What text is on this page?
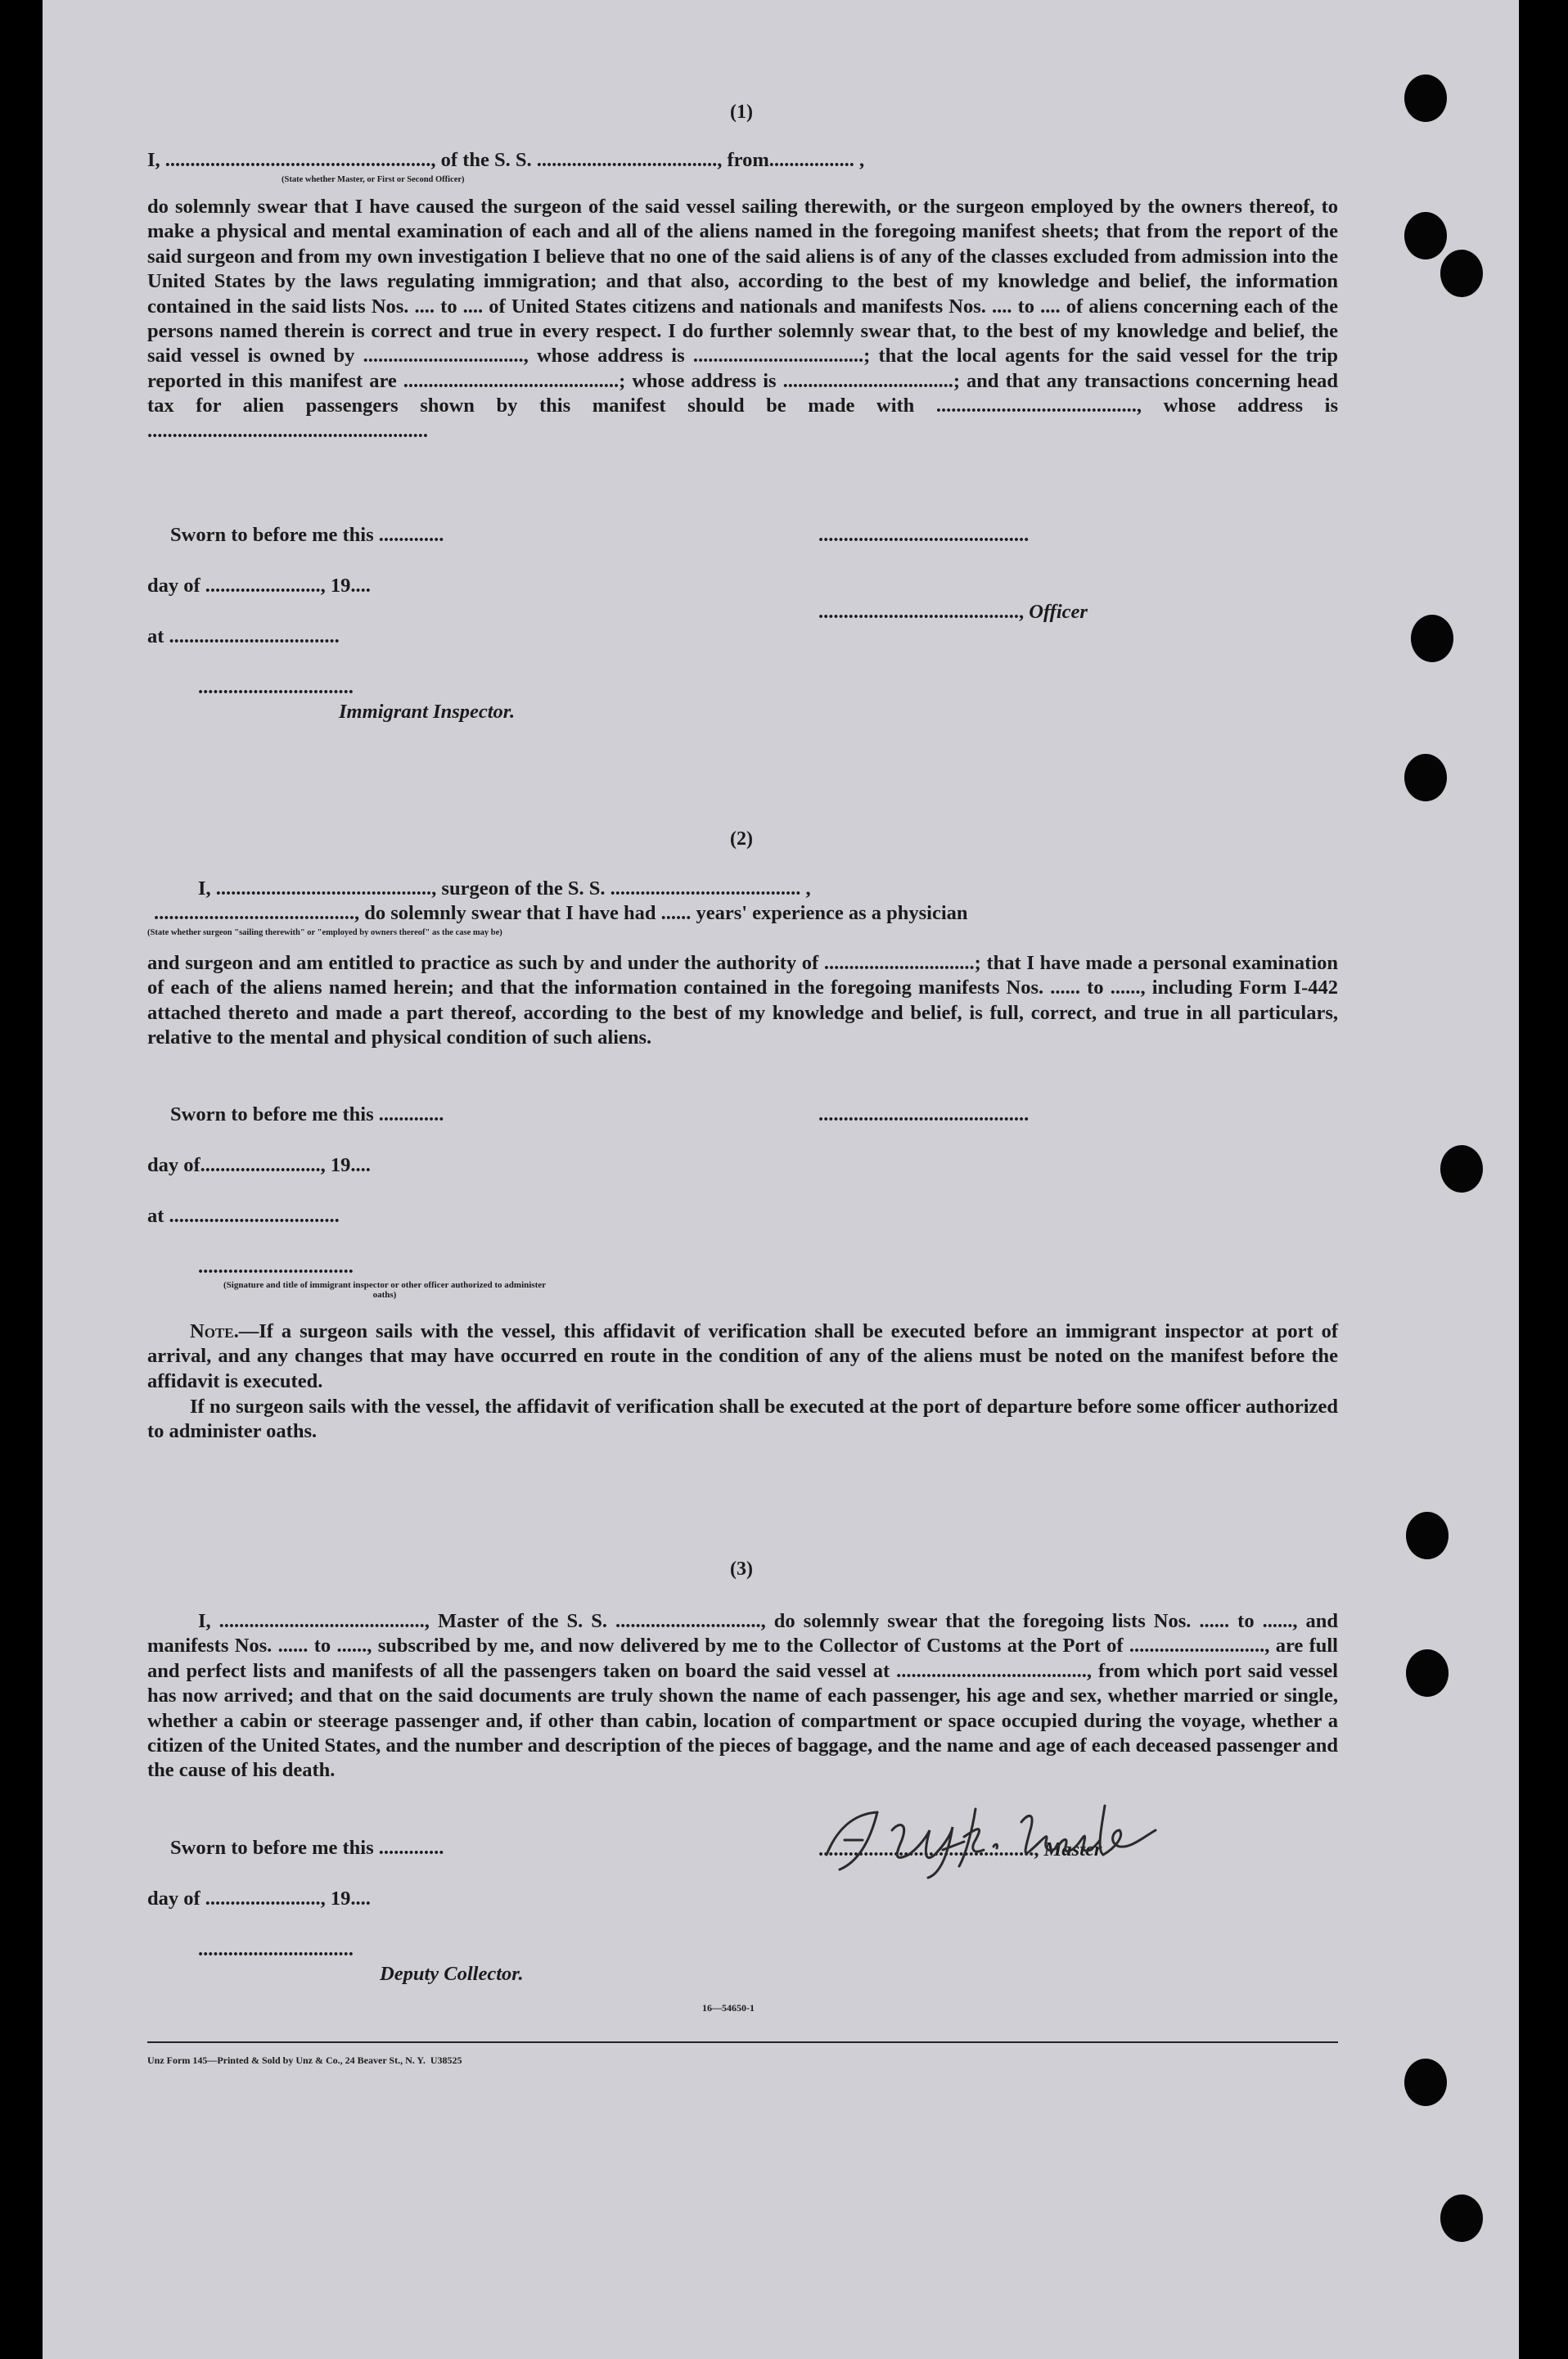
(1)
I, ....................................................., of the S. S. ...................................., from................. ,
(State whether Master, or First or Second Officer)
do solemnly swear that I have caused the surgeon of the said vessel sailing therewith, or the surgeon employed by the owners thereof, to make a physical and mental examination of each and all of the aliens named in the foregoing manifest sheets; that from the report of the said surgeon and from my own investigation I believe that no one of the said aliens is of any of the classes excluded from admission into the United States by the laws regulating immigration; and that also, according to the best of my knowledge and belief, the information contained in the said lists Nos. .... to .... of United States citizens and nationals and manifests Nos. .... to .... of aliens concerning each of the persons named therein is correct and true in every respect. I do further solemnly swear that, to the best of my knowledge and belief, the said vessel is owned by ................................, whose address is ..................................; that the local agents for the said vessel for the trip reported in this manifest are ...........................................; whose address is ..................................; and that any transactions concerning head tax for alien passengers shown by this manifest should be made with ........................................, whose address is ........................................................
Sworn to before me this .............	..........................................
day of ......................., 19....
........................................, Officer
at ..................................
...............................
Immigrant Inspector.
(2)
I, ..........................................., surgeon of the S. S. ...................................... ,
........................................, do solemnly swear that I have had ...... years' experience as a physician
(State whether surgeon "sailing therewith" or "employed by owners thereof" as the case may be)
and surgeon and am entitled to practice as such by and under the authority of ..............................; that I have made a personal examination of each of the aliens named herein; and that the information contained in the foregoing manifests Nos. ...... to ......, including Form I-442 attached thereto and made a part thereof, according to the best of my knowledge and belief, is full, correct, and true in all particulars, relative to the mental and physical condition of such aliens.
Sworn to before me this .............	..........................................
day of........................, 19....
at ..................................
...............................
(Signature and title of immigrant inspector or other officer authorized to administer oaths)
Note.—If a surgeon sails with the vessel, this affidavit of verification shall be executed before an immigrant inspector at port of arrival, and any changes that may have occurred en route in the condition of any of the aliens must be noted on the manifest before the affidavit is executed.
If no surgeon sails with the vessel, the affidavit of verification shall be executed at the port of departure before some officer authorized to administer oaths.
(3)
I, ........................................., Master of the S. S. ............................., do solemnly swear that the foregoing lists Nos. ...... to ......, and manifests Nos. ...... to ......, subscribed by me, and now delivered by me to the Collector of Customs at the Port of ..........................., are full and perfect lists and manifests of all the passengers taken on board the said vessel at ......................................, from which port said vessel has now arrived; and that on the said documents are truly shown the name of each passenger, his age and sex, whether married or single, whether a cabin or steerage passenger and, if other than cabin, location of compartment or space occupied during the voyage, whether a citizen of the United States, and the number and description of the pieces of baggage, and the name and age of each deceased passenger and the cause of his death.
Sworn to before me this .............	..........................................., Master
day of ......................., 19....
...............................
Deputy Collector.
16—54650-1
Unz Form 145—Printed & Sold by Unz & Co., 24 Beaver St., N. Y.  U38525
